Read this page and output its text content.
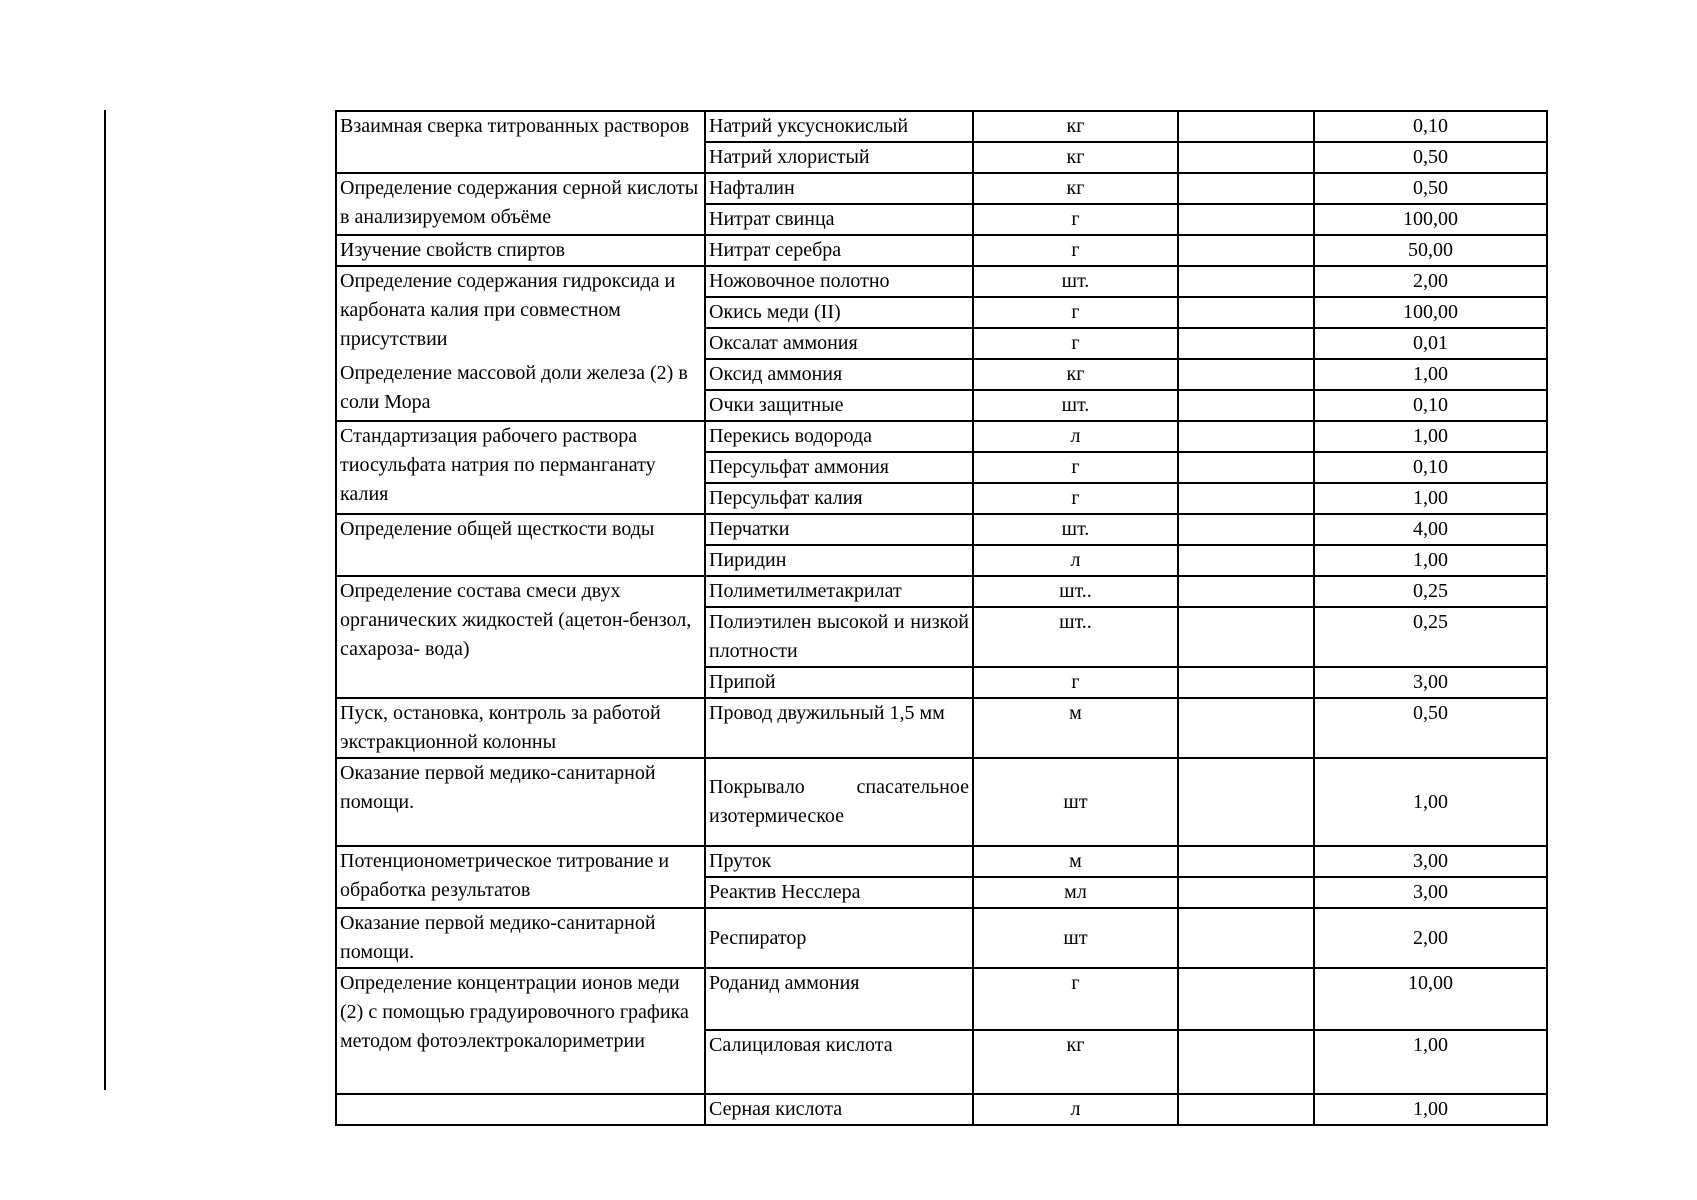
Взаимная сверка титрованных растворов	Натрий уксуснокислый	кг		0,10
	Натрий хлористый	кг		0,50
Определение содержания серной кислоты в анализируемом объёме	Нафталин	кг		0,50
	Нитрат свинца	г		100,00
Изучение свойств спиртов	Нитрат серебра	г		50,00
Определение содержания гидроксида и карбоната калия при совместном присутствии	Ножовочное полотно	шт.		2,00
	Окись меди (II)	г		100,00
	Оксалат аммония	г		0,01
Определение массовой доли железа (2) в соли Мора	Оксид аммония	кг		1,00
	Очки защитные	шт.		0,10
Стандартизация рабочего раствора тиосульфата натрия по перманганату калия	Перекись водорода	л		1,00
	Персульфат аммония	г		0,10
	Персульфат калия	г		1,00
Определение общей щесткости воды	Перчатки	шт.		4,00
	Пиридин	л		1,00
Определение состава смеси двух органических жидкостей (ацетон-бензол, сахароза- вода)	Полиметилметакрилат	шт..		0,25
	Полиэтилен высокой и низкой плотности	шт..		0,25
	Припой	г		3,00
Пуск, остановка, контроль за работой экстракционной колонны	Провод двужильный 1,5 мм	м		0,50
Оказание первой медико-санитарной помощи.	Покрывало спасательное изотермическое	шт		1,00
Потенционометрическое титрование и обработка результатов	Пруток	м		3,00
	Реактив Несслера	мл		3,00
Оказание первой медико-санитарной помощи.	Респиратор	шт		2,00
Определение концентрации ионов меди (2) с помощью градуировочного графика методом фотоэлектрокалориметрии	Роданид аммония	г		10,00
	Салициловая кислота	кг		1,00
	Серная кислота	л		1,00
